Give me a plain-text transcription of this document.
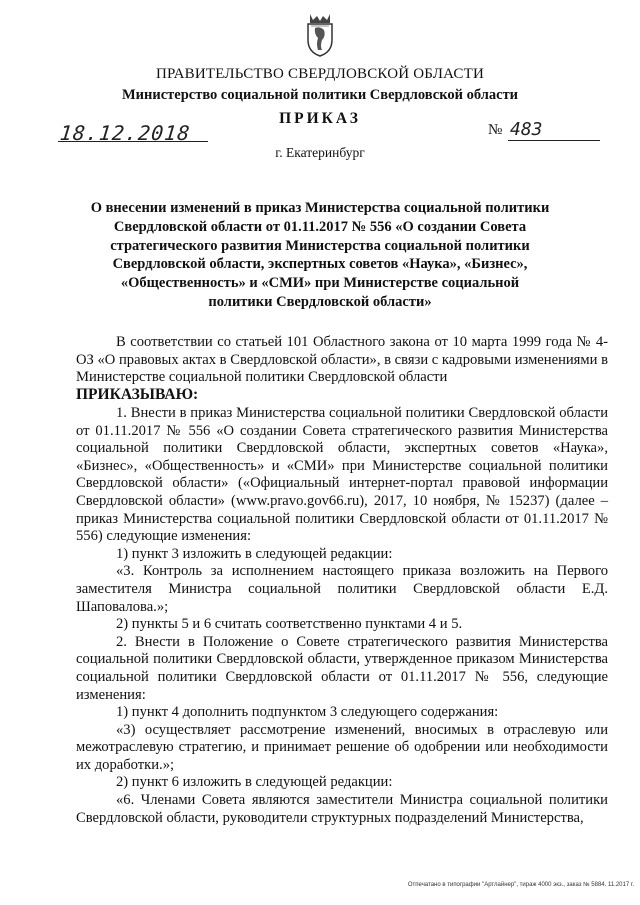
ПРАВИТЕЛЬСТВО СВЕРДЛОВСКОЙ ОБЛАСТИ
Министерство социальной политики Свердловской области
ПРИКАЗ
18.12.2018	№ 483
г. Екатеринбург
О внесении изменений в приказ Министерства социальной политики Свердловской области от 01.11.2017 № 556 «О создании Совета стратегического развития Министерства социальной политики Свердловской области, экспертных советов «Наука», «Бизнес», «Общественность» и «СМИ» при Министерстве социальной политики Свердловской области»

В соответствии со статьей 101 Областного закона от 10 марта 1999 года № 4-ОЗ «О правовых актах в Свердловской области», в связи с кадровыми изменениями в Министерстве социальной политики Свердловской области

ПРИКАЗЫВАЮ:

1. Внести в приказ Министерства социальной политики Свердловской области от 01.11.2017 № 556 «О создании Совета стратегического развития Министерства социальной политики Свердловской области, экспертных советов «Наука», «Бизнес», «Общественность» и «СМИ» при Министерстве социальной политики Свердловской области» («Официальный интернет-портал правовой информации Свердловской области» (www.pravo.gov66.ru), 2017, 10 ноября, № 15237) (далее – приказ Министерства социальной политики Свердловской области от 01.11.2017 № 556) следующие изменения:

1) пункт 3 изложить в следующей редакции:

«3. Контроль за исполнением настоящего приказа возложить на Первого заместителя Министра социальной политики Свердловской области Е.Д. Шаповалова.»;

2) пункты 5 и 6 считать соответственно пунктами 4 и 5.

2. Внести в Положение о Совете стратегического развития Министерства социальной политики Свердловской области, утвержденное приказом Министерства социальной политики Свердловской области от 01.11.2017 № 556, следующие изменения:

1) пункт 4 дополнить подпунктом 3 следующего содержания:

«3) осуществляет рассмотрение изменений, вносимых в отраслевую или межотраслевую стратегию, и принимает решение об одобрении или необходимости их доработки.»;

2) пункт 6 изложить в следующей редакции:

«6. Членами Совета являются заместители Министра социальной политики Свердловской области, руководители структурных подразделений Министерства,

Отпечатано в типографии "Артлайнер", тираж 4000 экз., заказ № 5884. 11.2017 г.
